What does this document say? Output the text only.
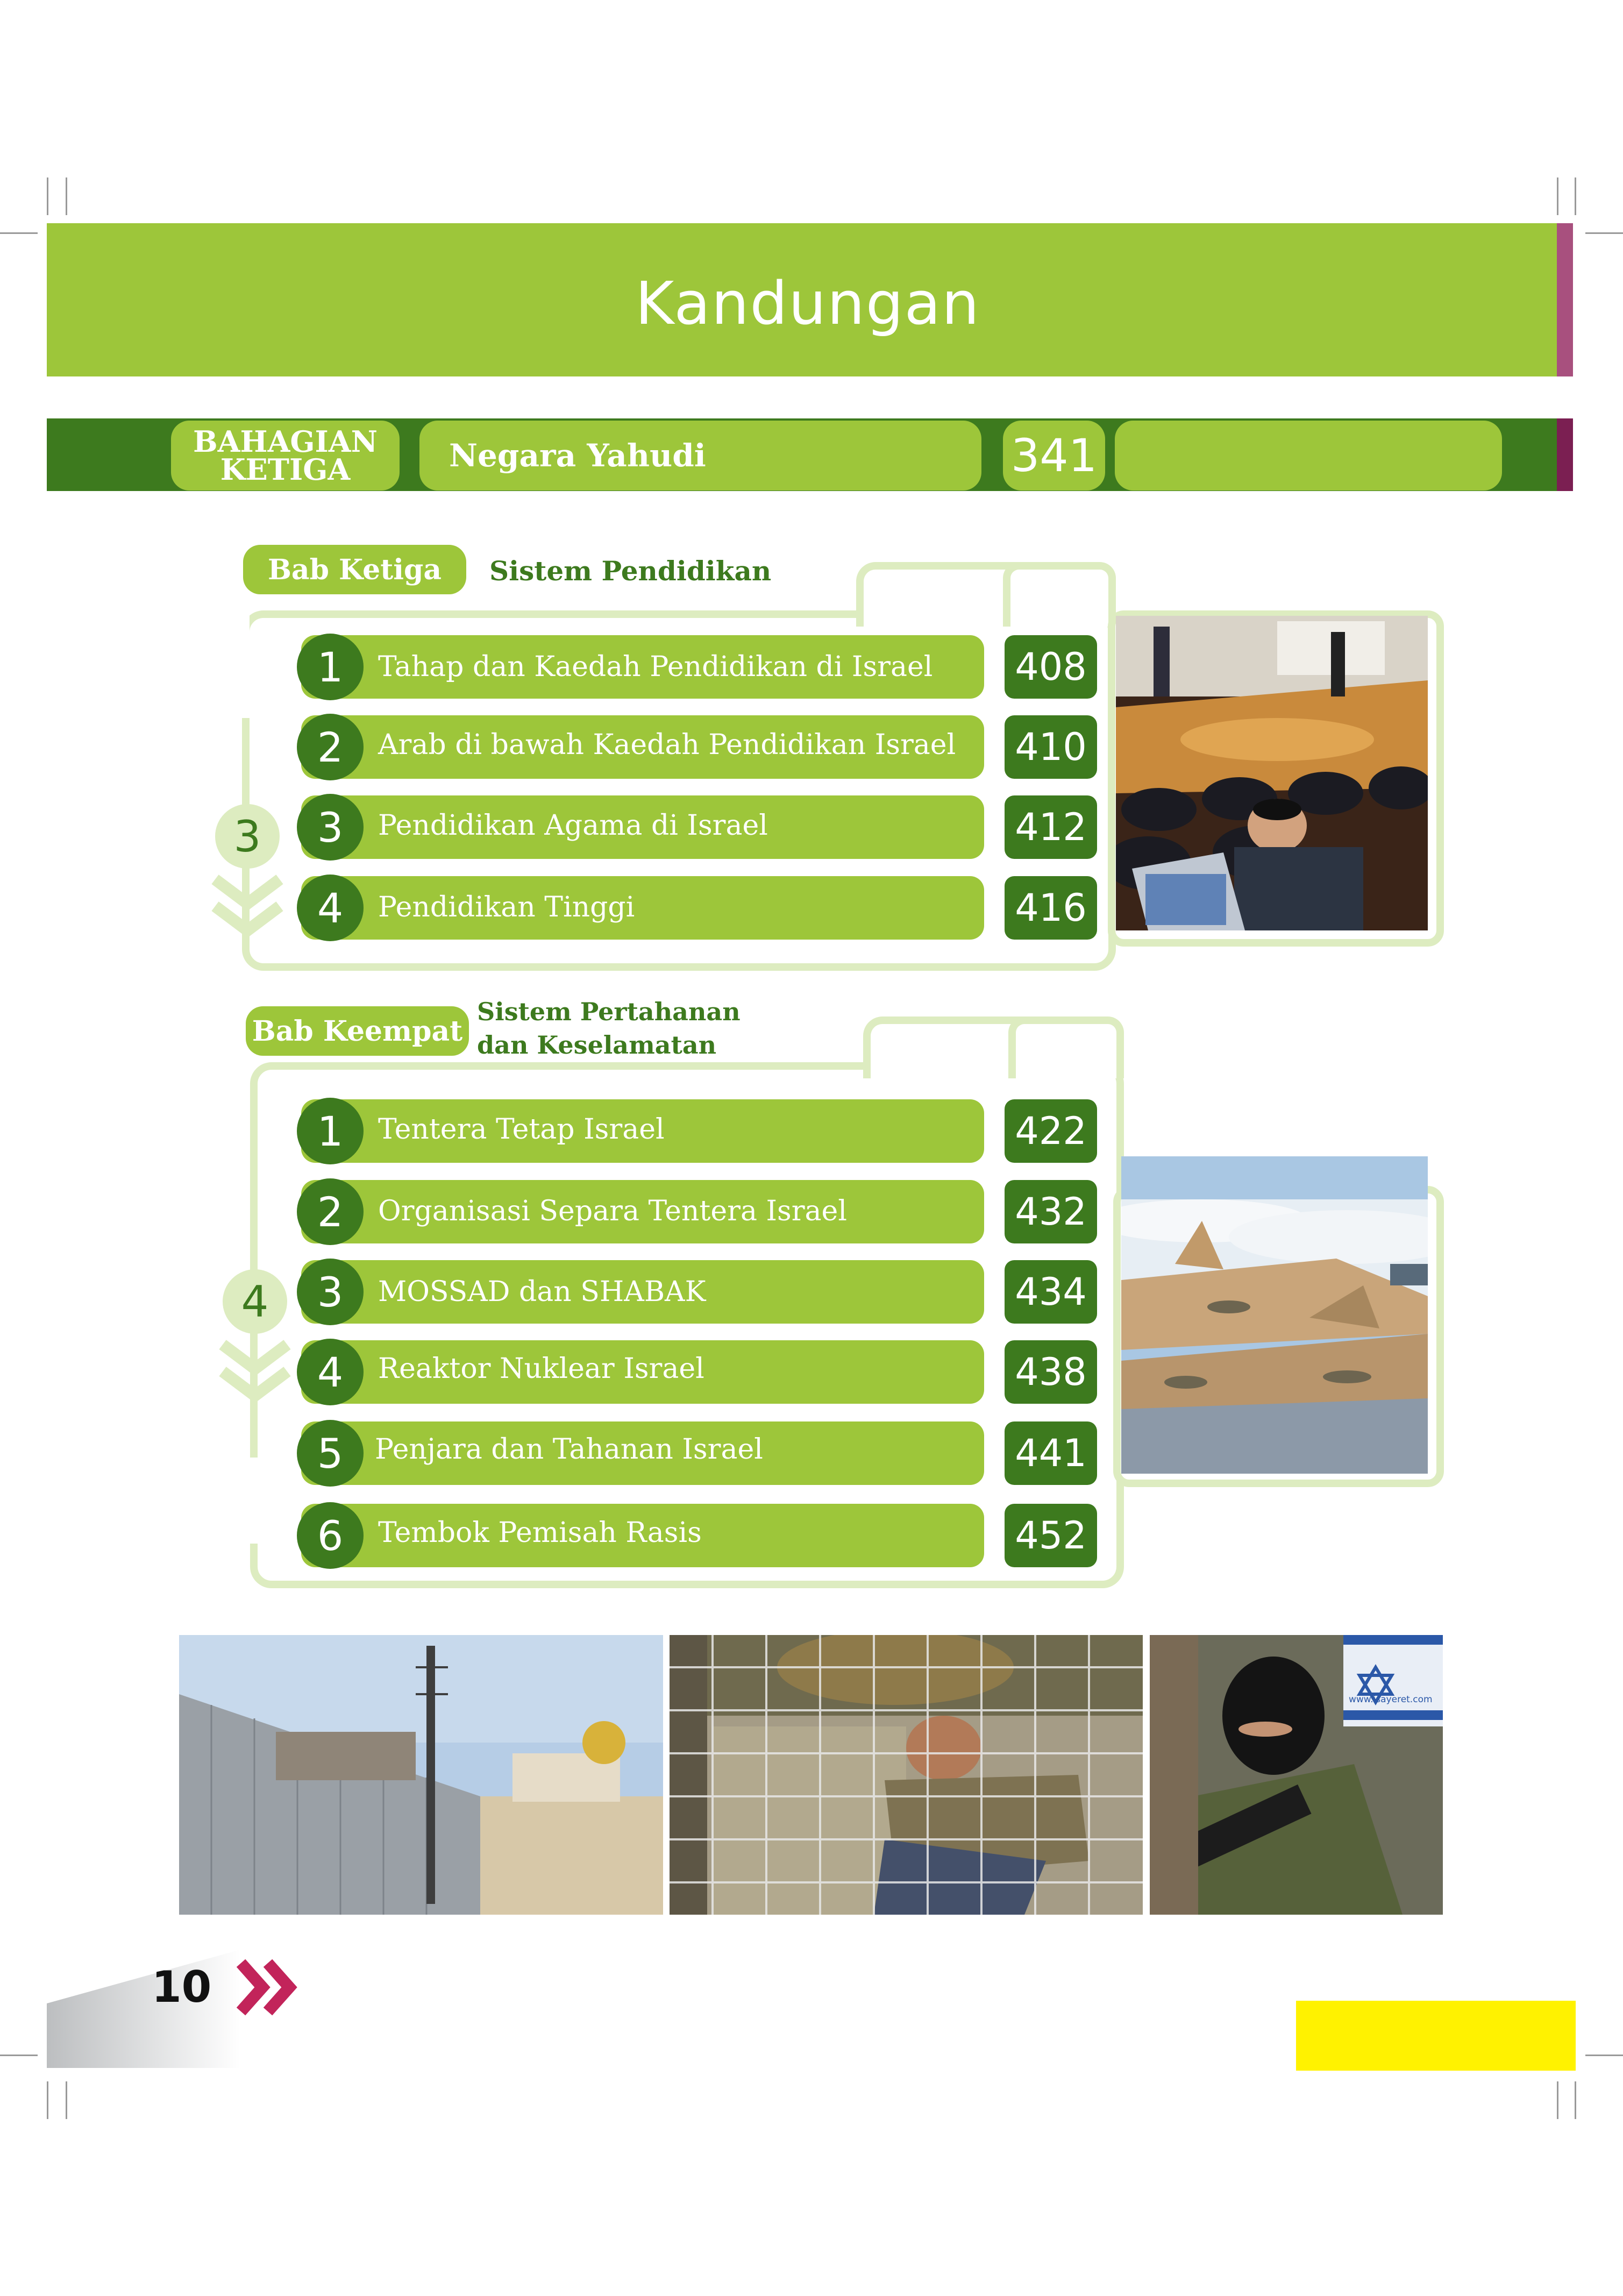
Kandungan
BAHAGIAN KETIGA	Negara Yahudi	341
Bab Ketiga	Sistem Pendidikan
3
1	Tahap dan Kaedah Pendidikan di Israel 408
2	Arab di bawah Kaedah Pendidikan Israel 410
3	Pendidikan Agama di Israel	412
4	Pendidikan Tinggi	416
Bab Keempat
Sistem Pertahanan dan Keselamatan
4
1	Tentera Tetap Israel	422
2	Organisasi Separa Tentera Israel	432
3	MOSSAD dan SHABAK	434
4	Reaktor Nuklear Israel	438
5	Penjara dan Tahanan Israel	441
6	Tembok Pemisah Rasis	452
www.isayeret.com
10
